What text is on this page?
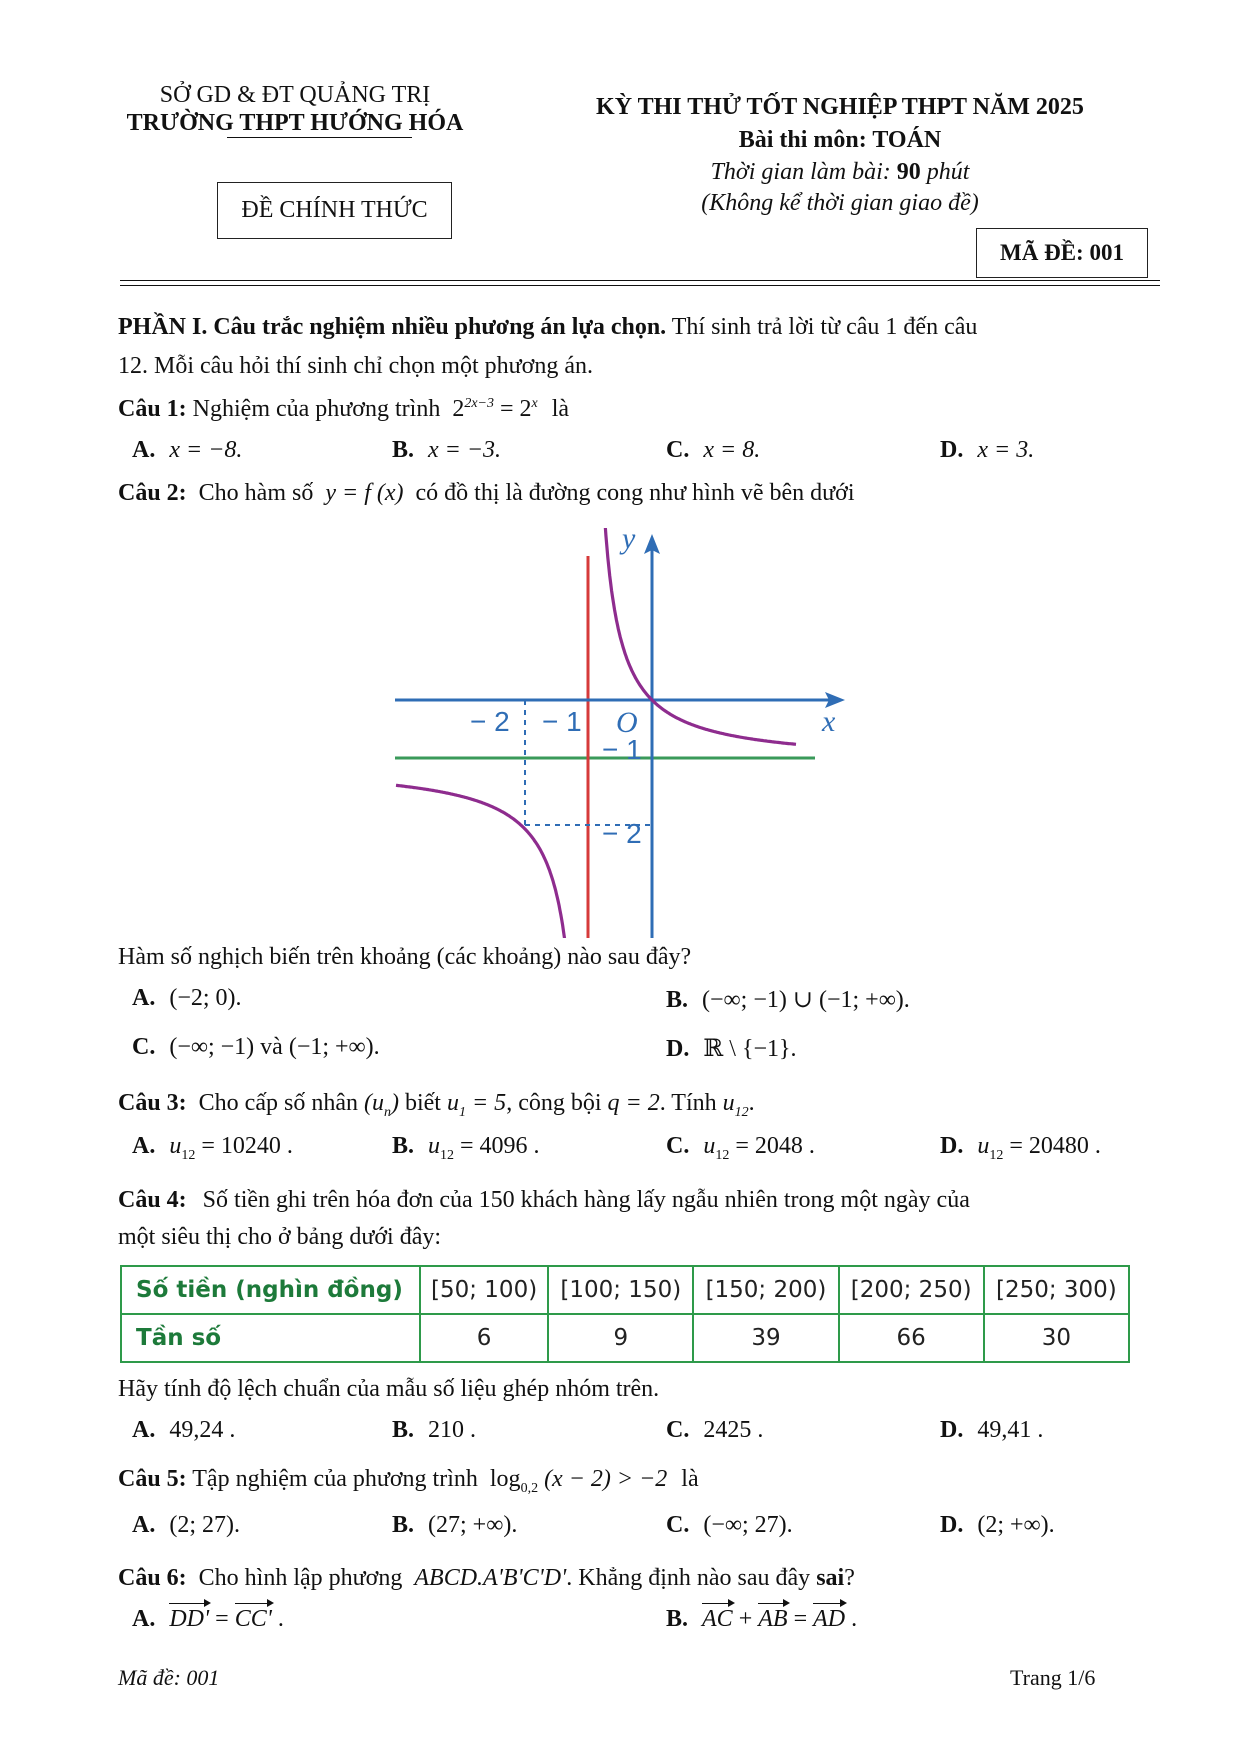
SỞ GD & ĐT QUẢNG TRỊ
TRƯỜNG THPT HƯỚNG HÓA
ĐỀ CHÍNH THỨC
KỲ THI THỬ TỐT NGHIỆP THPT NĂM 2025
Bài thi môn: TOÁN
Thời gian làm bài: 90 phút
(Không kể thời gian giao đề)
MÃ ĐỀ: 001
PHẦN I. Câu trắc nghiệm nhiều phương án lựa chọn. Thí sinh trả lời từ câu 1 đến câu
12. Mỗi câu hỏi thí sinh chỉ chọn một phương án.
Câu 1: Nghiệm của phương trình $2^{2x-3} = 2^x$ là
A. x = −8.	B. x = −3.	C. x = 8.	D. x = 3.
Câu 2: Cho hàm số y = f (x) có đồ thị là đường cong như hình vẽ bên dưới
y
x
O
− 2 − 1
− 1
− 2
Hàm số nghịch biến trên khoảng (các khoảng) nào sau đây?
A. (−2; 0).	B. (−∞; −1) ∪ (−1; +∞).
C. (−∞; −1) và (−1; +∞).	D. ℝ \ {−1}.
Câu 3: Cho cấp số nhân $(u_n)$ biết $u_1 = 5$, công bội q = 2. Tính $u_{12}$.
A. $u_{12} = 10240$ .	B. $u_{12} = 4096$ .	C. $u_{12} = 2048$ .	D. $u_{12} = 20480$ .
Câu 4: Số tiền ghi trên hóa đơn của 150 khách hàng lấy ngẫu nhiên trong một ngày của
một siêu thị cho ở bảng dưới đây:
Số tiền (nghìn đồng)	[50; 100)	[100; 150)	[150; 200)	[200; 250)	[250; 300)
Tần số	6	9	39	66	30
Hãy tính độ lệch chuẩn của mẫu số liệu ghép nhóm trên.
A. 49,24 .	B. 210 .	C. 2425 .	D. 49,41 .
Câu 5: Tập nghiệm của phương trình $\log_{0,2} (x - 2) > -2$ là
A. (2; 27).	B. (27; +∞).	C. (−∞; 27).	D. (2; +∞).
Câu 6: Cho hình lập phương ABCD.A'B'C'D'. Khẳng định nào sau đây sai?
A. DD' = CC' .	B. AC + AB = AD .
Mã đề: 001	Trang 1/6
